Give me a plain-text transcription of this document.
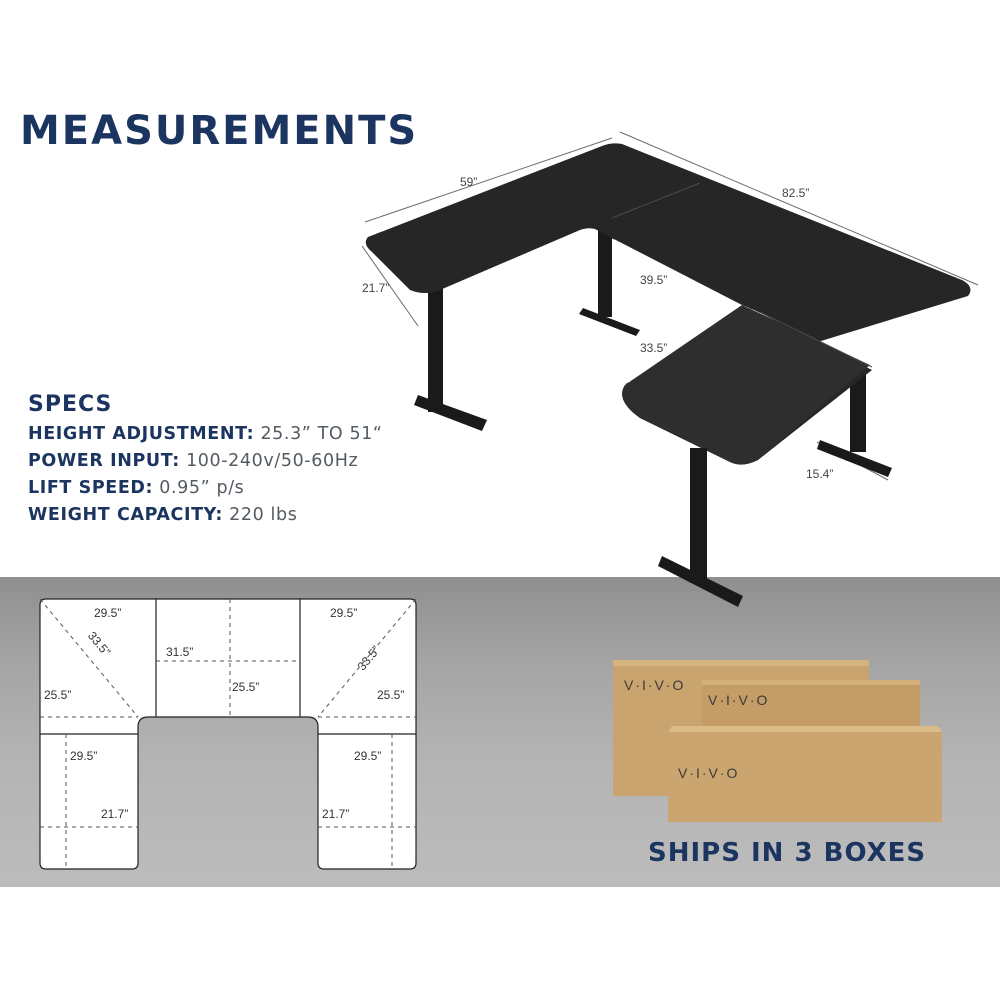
MEASUREMENTS
59”
82.5”
21.7”
39.5”
33.5”
15.4”
SPECS
HEIGHT ADJUSTMENT: 25.3” TO 51“
POWER INPUT: 100-240v/50-60Hz
LIFT SPEED: 0.95” p/s
WEIGHT CAPACITY: 220 lbs
29.5”
33.5”
25.5”
31.5”
25.5”
29.5”
33.5”
25.5”
29.5”
21.7”
29.5”
21.7”
V·I·V·O
V·I·V·O
V·I·V·O
SHIPS IN 3 BOXES
